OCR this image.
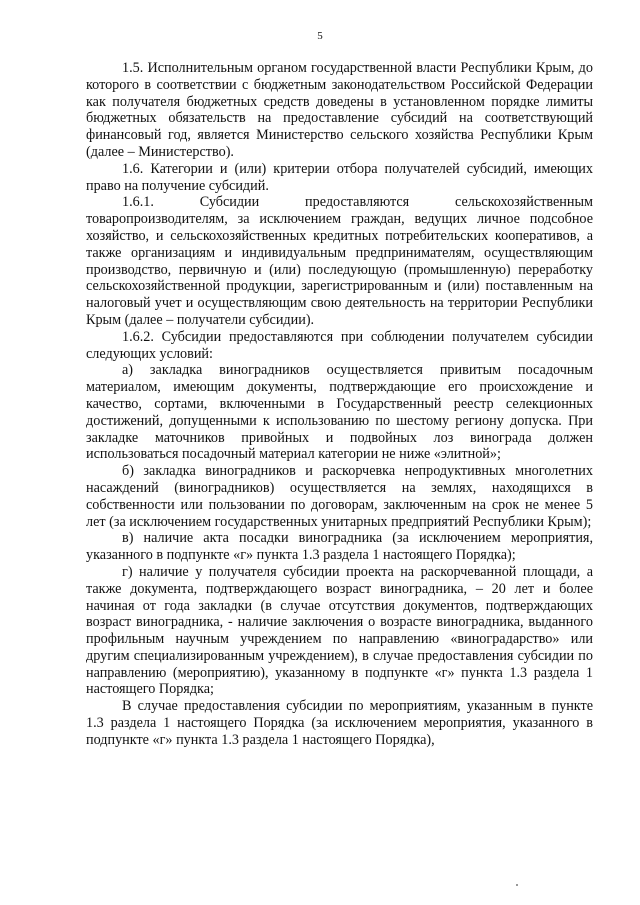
5

1.5. Исполнительным органом государственной власти Республики Крым, до которого в соответствии с бюджетным законодательством Российской Федерации как получателя бюджетных средств доведены в установленном порядке лимиты бюджетных обязательств на предоставление субсидий на соответствующий финансовый год, является Министерство сельского хозяйства Республики Крым (далее – Министерство).

1.6. Категории и (или) критерии отбора получателей субсидий, имеющих право на получение субсидий.

1.6.1. Субсидии предоставляются сельскохозяйственным товаропроизводителям, за исключением граждан, ведущих личное подсобное хозяйство, и сельскохозяйственных кредитных потребительских кооперативов, а также организациям и индивидуальным предпринимателям, осуществляющим производство, первичную и (или) последующую (промышленную) переработку сельскохозяйственной продукции, зарегистрированным и (или) поставленным на налоговый учет и осуществляющим свою деятельность на территории Республики Крым (далее – получатели субсидии).

1.6.2. Субсидии предоставляются при соблюдении получателем субсидии следующих условий:

а) закладка виноградников осуществляется привитым посадочным материалом, имеющим документы, подтверждающие его происхождение и качество, сортами, включенными в Государственный реестр селекционных достижений, допущенными к использованию по шестому региону допуска. При закладке маточников привойных и подвойных лоз винограда должен использоваться посадочный материал категории не ниже «элитной»;

б) закладка виноградников и раскорчевка непродуктивных многолетних насаждений (виноградников) осуществляется на землях, находящихся в собственности или пользовании по договорам, заключенным на срок не менее 5 лет (за исключением государственных унитарных предприятий Республики Крым);

в) наличие акта посадки виноградника (за исключением мероприятия, указанного в подпункте «г» пункта 1.3 раздела 1 настоящего Порядка);

г) наличие у получателя субсидии проекта на раскорчеванной площади, а также документа, подтверждающего возраст виноградника, – 20 лет и более начиная от года закладки (в случае отсутствия документов, подтверждающих возраст виноградника, - наличие заключения о возрасте виноградника, выданного профильным научным учреждением по направлению «виноградарство» или другим специализированным учреждением), в случае предоставления субсидии по направлению (мероприятию), указанному в подпункте «г» пункта 1.3 раздела 1 настоящего Порядка;

В случае предоставления субсидии по мероприятиям, указанным в пункте 1.3 раздела 1 настоящего Порядка (за исключением мероприятия, указанного в подпункте «г» пункта 1.3 раздела 1 настоящего Порядка),
